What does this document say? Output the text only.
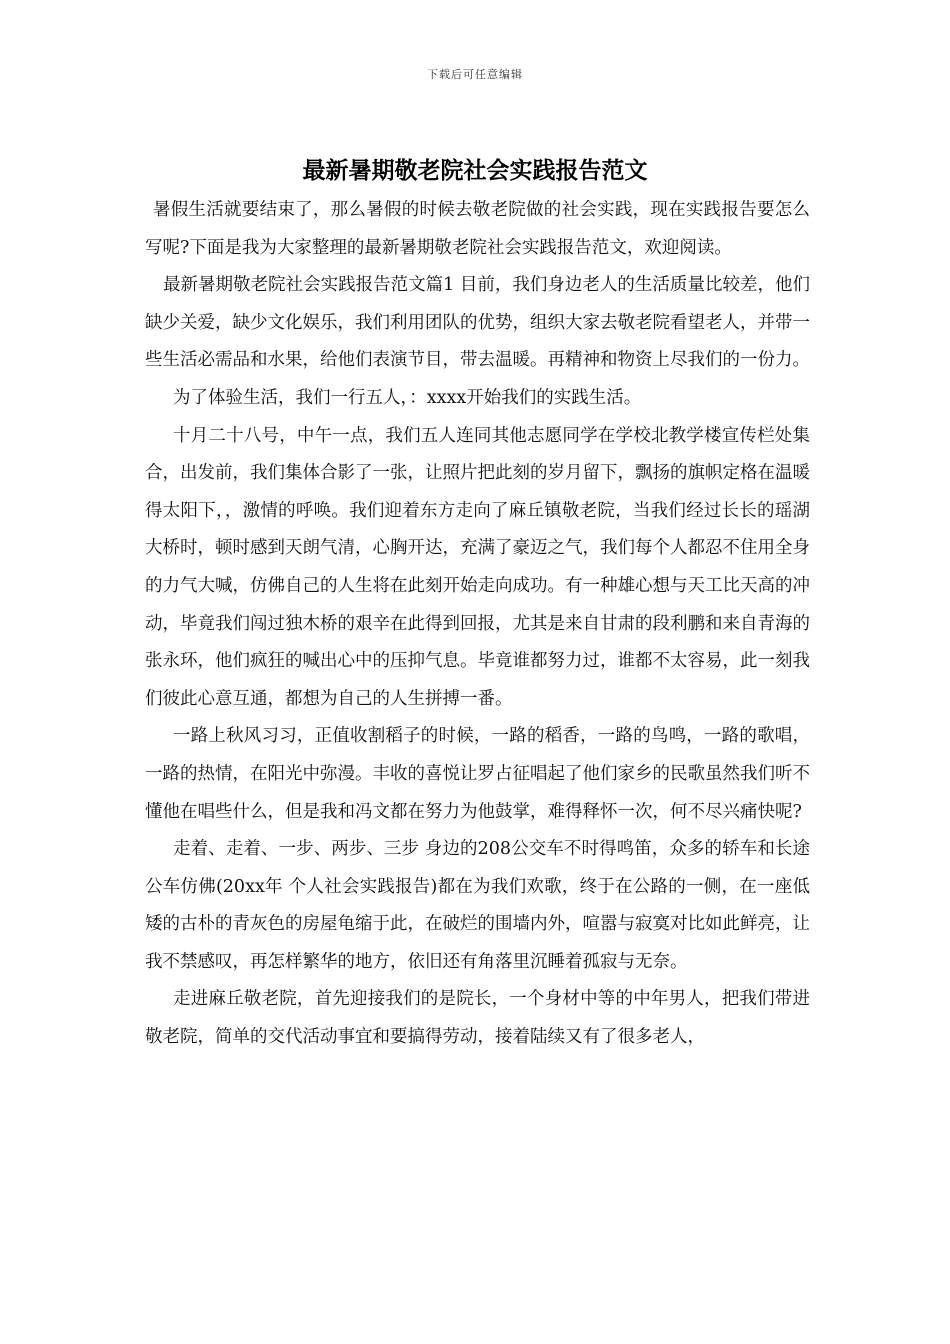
下载后可任意编辑
最新暑期敬老院社会实践报告范文

暑假生活就要结束了，那么暑假的时候去敬老院做的社会实践，现在实践报告要怎么写呢?下面是我为大家整理的最新暑期敬老院社会实践报告范文，欢迎阅读。

最新暑期敬老院社会实践报告范文篇1 目前，我们身边老人的生活质量比较差，他们缺少关爱，缺少文化娱乐，我们利用团队的优势，组织大家去敬老院看望老人，并带一些生活必需品和水果，给他们表演节目，带去温暖。再精神和物资上尽我们的一份力。

为了体验生活，我们一行五人，：xxxx开始我们的实践生活。

十月二十八号，中午一点，我们五人连同其他志愿同学在学校北教学楼宣传栏处集合，出发前，我们集体合影了一张，让照片把此刻的岁月留下，飘扬的旗帜定格在温暖得太阳下，，激情的呼唤。我们迎着东方走向了麻丘镇敬老院，当我们经过长长的瑶湖大桥时，顿时感到天朗气清，心胸开达，充满了豪迈之气，我们每个人都忍不住用全身的力气大喊，仿佛自己的人生将在此刻开始走向成功。有一种雄心想与天工比天高的冲动，毕竟我们闯过独木桥的艰辛在此得到回报，尤其是来自甘肃的段利鹏和来自青海的张永环，他们疯狂的喊出心中的压抑气息。毕竟谁都努力过，谁都不太容易，此一刻我们彼此心意互通，都想为自己的人生拼搏一番。

一路上秋风习习，正值收割稻子的时候，一路的稻香，一路的鸟鸣，一路的歌唱，一路的热情，在阳光中弥漫。丰收的喜悦让罗占征唱起了他们家乡的民歌虽然我们听不懂他在唱些什么，但是我和冯文都在努力为他鼓掌，难得释怀一次，何不尽兴痛快呢?

走着、走着、一步、两步、三步 身边的208公交车不时得鸣笛，众多的轿车和长途公车仿佛(20xx年 个人社会实践报告)都在为我们欢歌，终于在公路的一侧，在一座低矮的古朴的青灰色的房屋龟缩于此，在破烂的围墙内外，喧嚣与寂寞对比如此鲜亮，让我不禁感叹，再怎样繁华的地方，依旧还有角落里沉睡着孤寂与无奈。

走进麻丘敬老院，首先迎接我们的是院长，一个身材中等的中年男人，把我们带进敬老院，简单的交代活动事宜和要搞得劳动，接着陆续又有了很多老人，
